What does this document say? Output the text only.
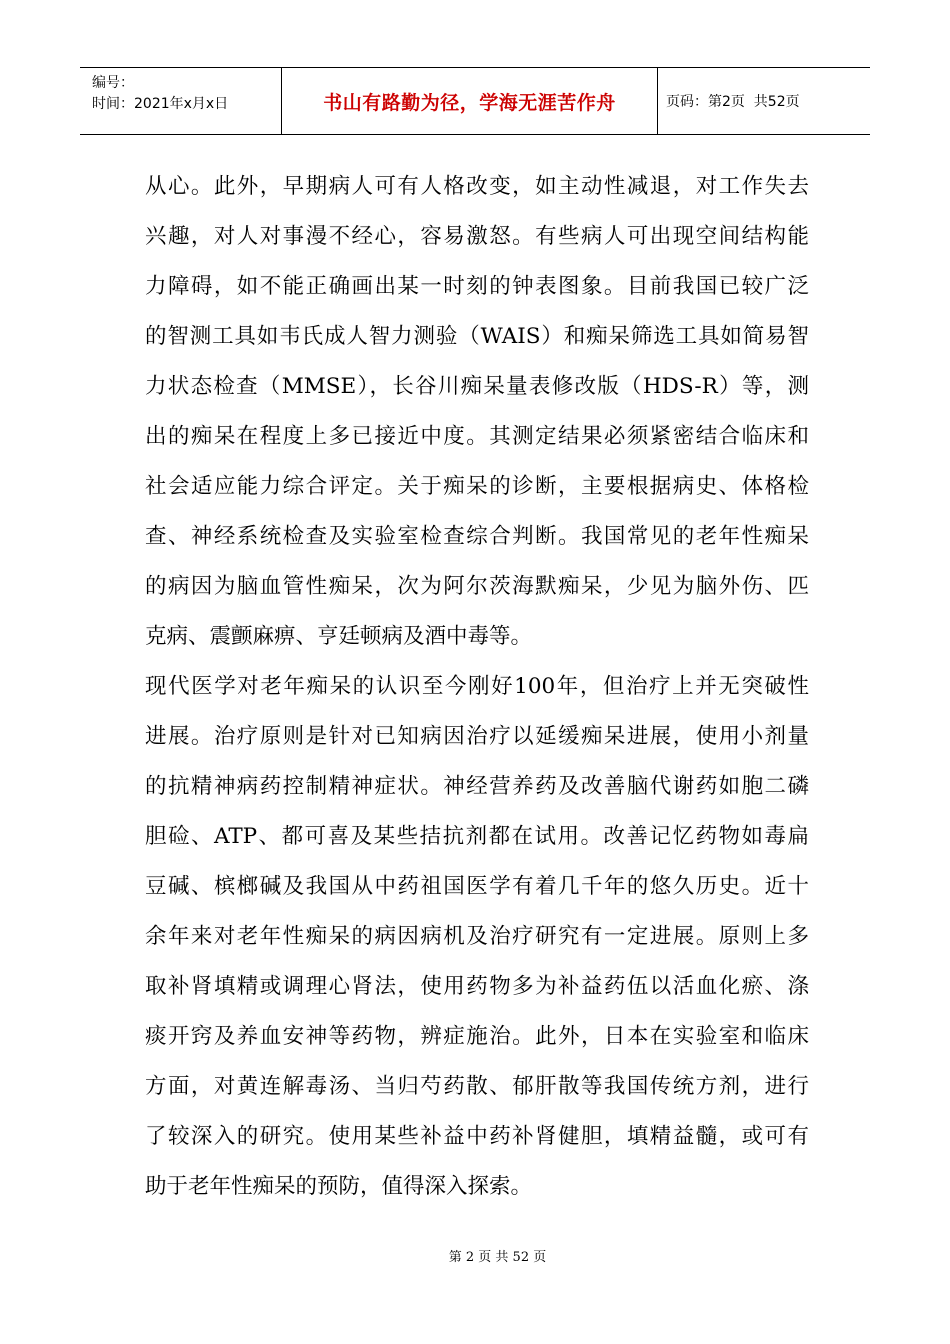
编号：
时间：2021年x月x日	书山有路勤为径，学海无涯苦作舟	页码：第2页  共52页
从心。此外，早期病人可有人格改变，如主动性减退，对工作失去
兴趣，对人对事漫不经心，容易激怒。有些病人可出现空间结构能
力障碍，如不能正确画出某一时刻的钟表图象。目前我国已较广泛
的智测工具如韦氏成人智力测验（WAIS）和痴呆筛选工具如简易智
力状态检查（MMSE），长谷川痴呆量表修改版（HDS-R）等，测
出的痴呆在程度上多已接近中度。其测定结果必须紧密结合临床和
社会适应能力综合评定。关于痴呆的诊断，主要根据病史、体格检
查、神经系统检查及实验室检查综合判断。我国常见的老年性痴呆
的病因为脑血管性痴呆，次为阿尔茨海默痴呆，少见为脑外伤、匹
克病、震颤麻痹、亨廷顿病及酒中毒等。
现代医学对老年痴呆的认识至今刚好100年，但治疗上并无突破性
进展。治疗原则是针对已知病因治疗以延缓痴呆进展，使用小剂量
的抗精神病药控制精神症状。神经营养药及改善脑代谢药如胞二磷
胆硷、ATP、都可喜及某些拮抗剂都在试用。改善记忆药物如毒扁
豆碱、槟榔碱及我国从中药祖国医学有着几千年的悠久历史。近十
余年来对老年性痴呆的病因病机及治疗研究有一定进展。原则上多
取补肾填精或调理心肾法，使用药物多为补益药伍以活血化瘀、涤
痰开窍及养血安神等药物，辨症施治。此外，日本在实验室和临床
方面，对黄连解毒汤、当归芍药散、郁肝散等我国传统方剂，进行
了较深入的研究。使用某些补益中药补肾健胆，填精益髓，或可有
助于老年性痴呆的预防，值得深入探索。
第 2 页 共 52 页
